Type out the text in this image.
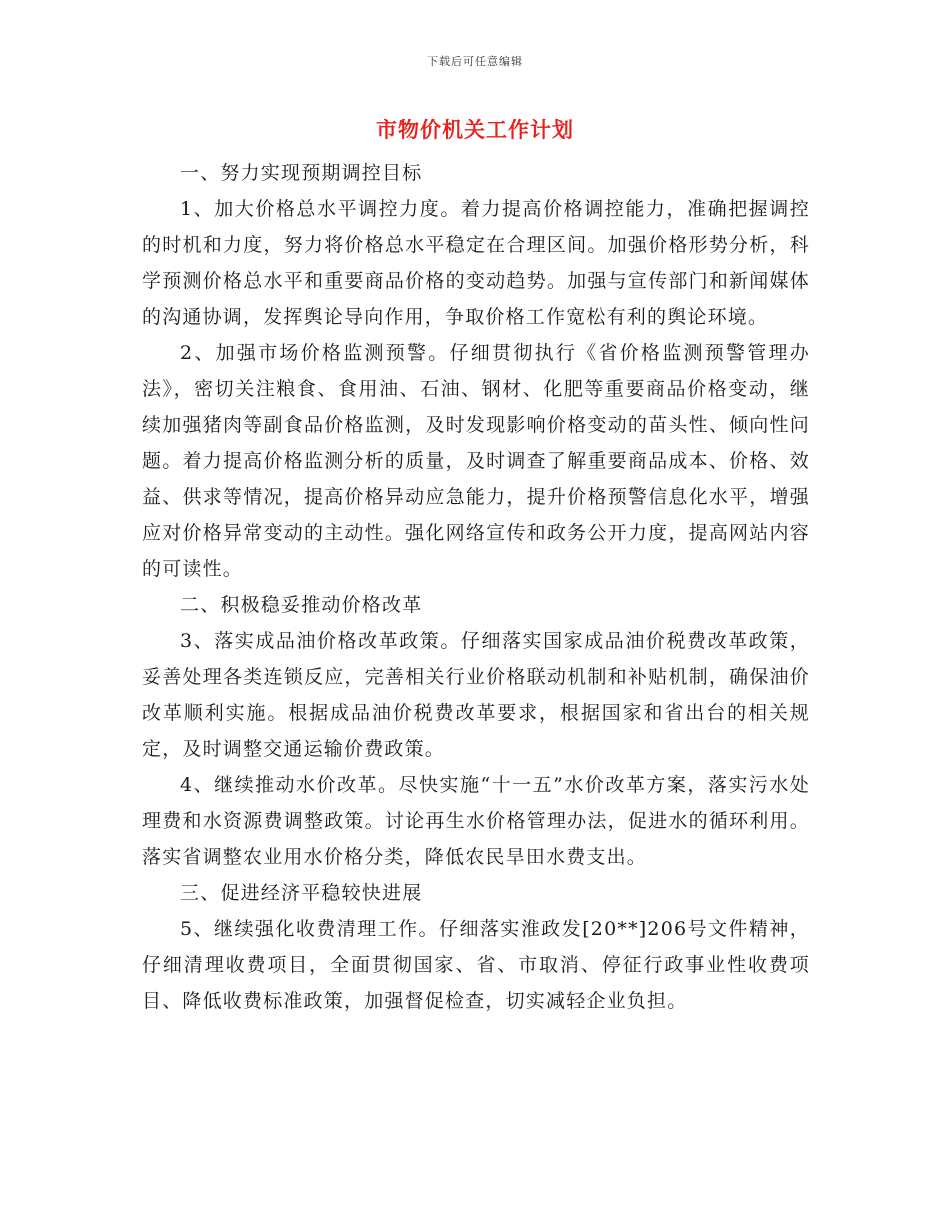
下载后可任意编辑
市物价机关工作计划

一、努力实现预期调控目标

1、加大价格总水平调控力度。着力提高价格调控能力，准确把握调控的时机和力度，努力将价格总水平稳定在合理区间。加强价格形势分析，科学预测价格总水平和重要商品价格的变动趋势。加强与宣传部门和新闻媒体的沟通协调，发挥舆论导向作用，争取价格工作宽松有利的舆论环境。

2、加强市场价格监测预警。仔细贯彻执行《省价格监测预警管理办法》，密切关注粮食、食用油、石油、钢材、化肥等重要商品价格变动，继续加强猪肉等副食品价格监测，及时发现影响价格变动的苗头性、倾向性问题。着力提高价格监测分析的质量，及时调查了解重要商品成本、价格、效益、供求等情况，提高价格异动应急能力，提升价格预警信息化水平，增强应对价格异常变动的主动性。强化网络宣传和政务公开力度，提高网站内容的可读性。

二、积极稳妥推动价格改革

3、落实成品油价格改革政策。仔细落实国家成品油价税费改革政策，妥善处理各类连锁反应，完善相关行业价格联动机制和补贴机制，确保油价改革顺利实施。根据成品油价税费改革要求，根据国家和省出台的相关规定，及时调整交通运输价费政策。

4、继续推动水价改革。尽快实施“十一五”水价改革方案，落实污水处理费和水资源费调整政策。讨论再生水价格管理办法，促进水的循环利用。落实省调整农业用水价格分类，降低农民旱田水费支出。

三、促进经济平稳较快进展

5、继续强化收费清理工作。仔细落实淮政发[20**]206号文件精神，仔细清理收费项目，全面贯彻国家、省、市取消、停征行政事业性收费项目、降低收费标准政策，加强督促检查，切实减轻企业负担。
